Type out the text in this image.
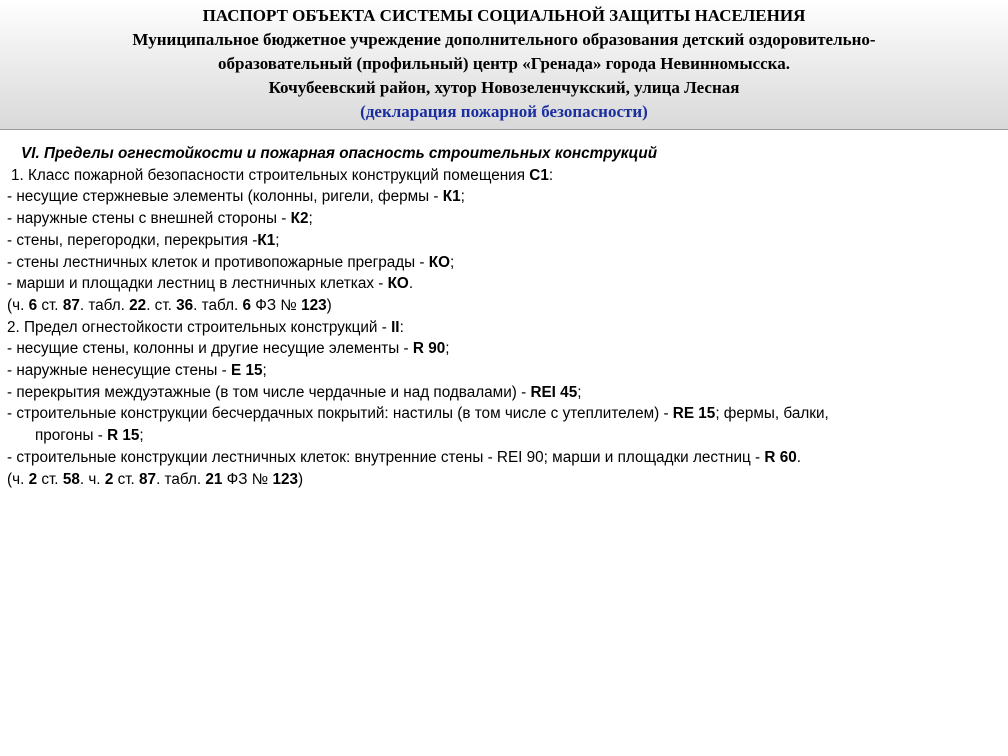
ПАСПОРТ ОБЪЕКТА СИСТЕМЫ СОЦИАЛЬНОЙ ЗАЩИТЫ НАСЕЛЕНИЯ
Муниципальное бюджетное учреждение дополнительного образования детский оздоровительно-
образовательный (профильный) центр «Гренада» города Невинномысска.
Кочубеевский район, хутор Новозеленчукский, улица Лесная
(декларация пожарной безопасности)
VI. Пределы огнестойкости и пожарная опасность строительных конструкций
1. Класс пожарной безопасности строительных конструкций помещения С1:
- несущие стержневые элементы (колонны, ригели, фермы - К1;
- наружные стены с внешней стороны - К2;
- стены, перегородки, перекрытия -К1;
- стены лестничных клеток и противопожарные преграды - КО;
- марши и площадки лестниц в лестничных клетках - КО.
(ч. 6 ст. 87. табл. 22. ст. 36. табл. 6 ФЗ № 123)
2. Предел огнестойкости строительных конструкций - II:
- несущие стены, колонны и другие несущие элементы - R 90;
- наружные ненесущие стены - Е 15;
- перекрытия междуэтажные (в том числе чердачные и над подвалами) - REI 45;
- строительные конструкции бесчердачных покрытий: настилы (в том числе с утеплителем) - RE 15; фермы, балки,
прогоны - R 15;
- строительные конструкции лестничных клеток: внутренние стены - REI 90; марши и площадки лестниц - R 60.
(ч. 2 ст. 58. ч. 2 ст. 87. табл. 21 ФЗ № 123)
